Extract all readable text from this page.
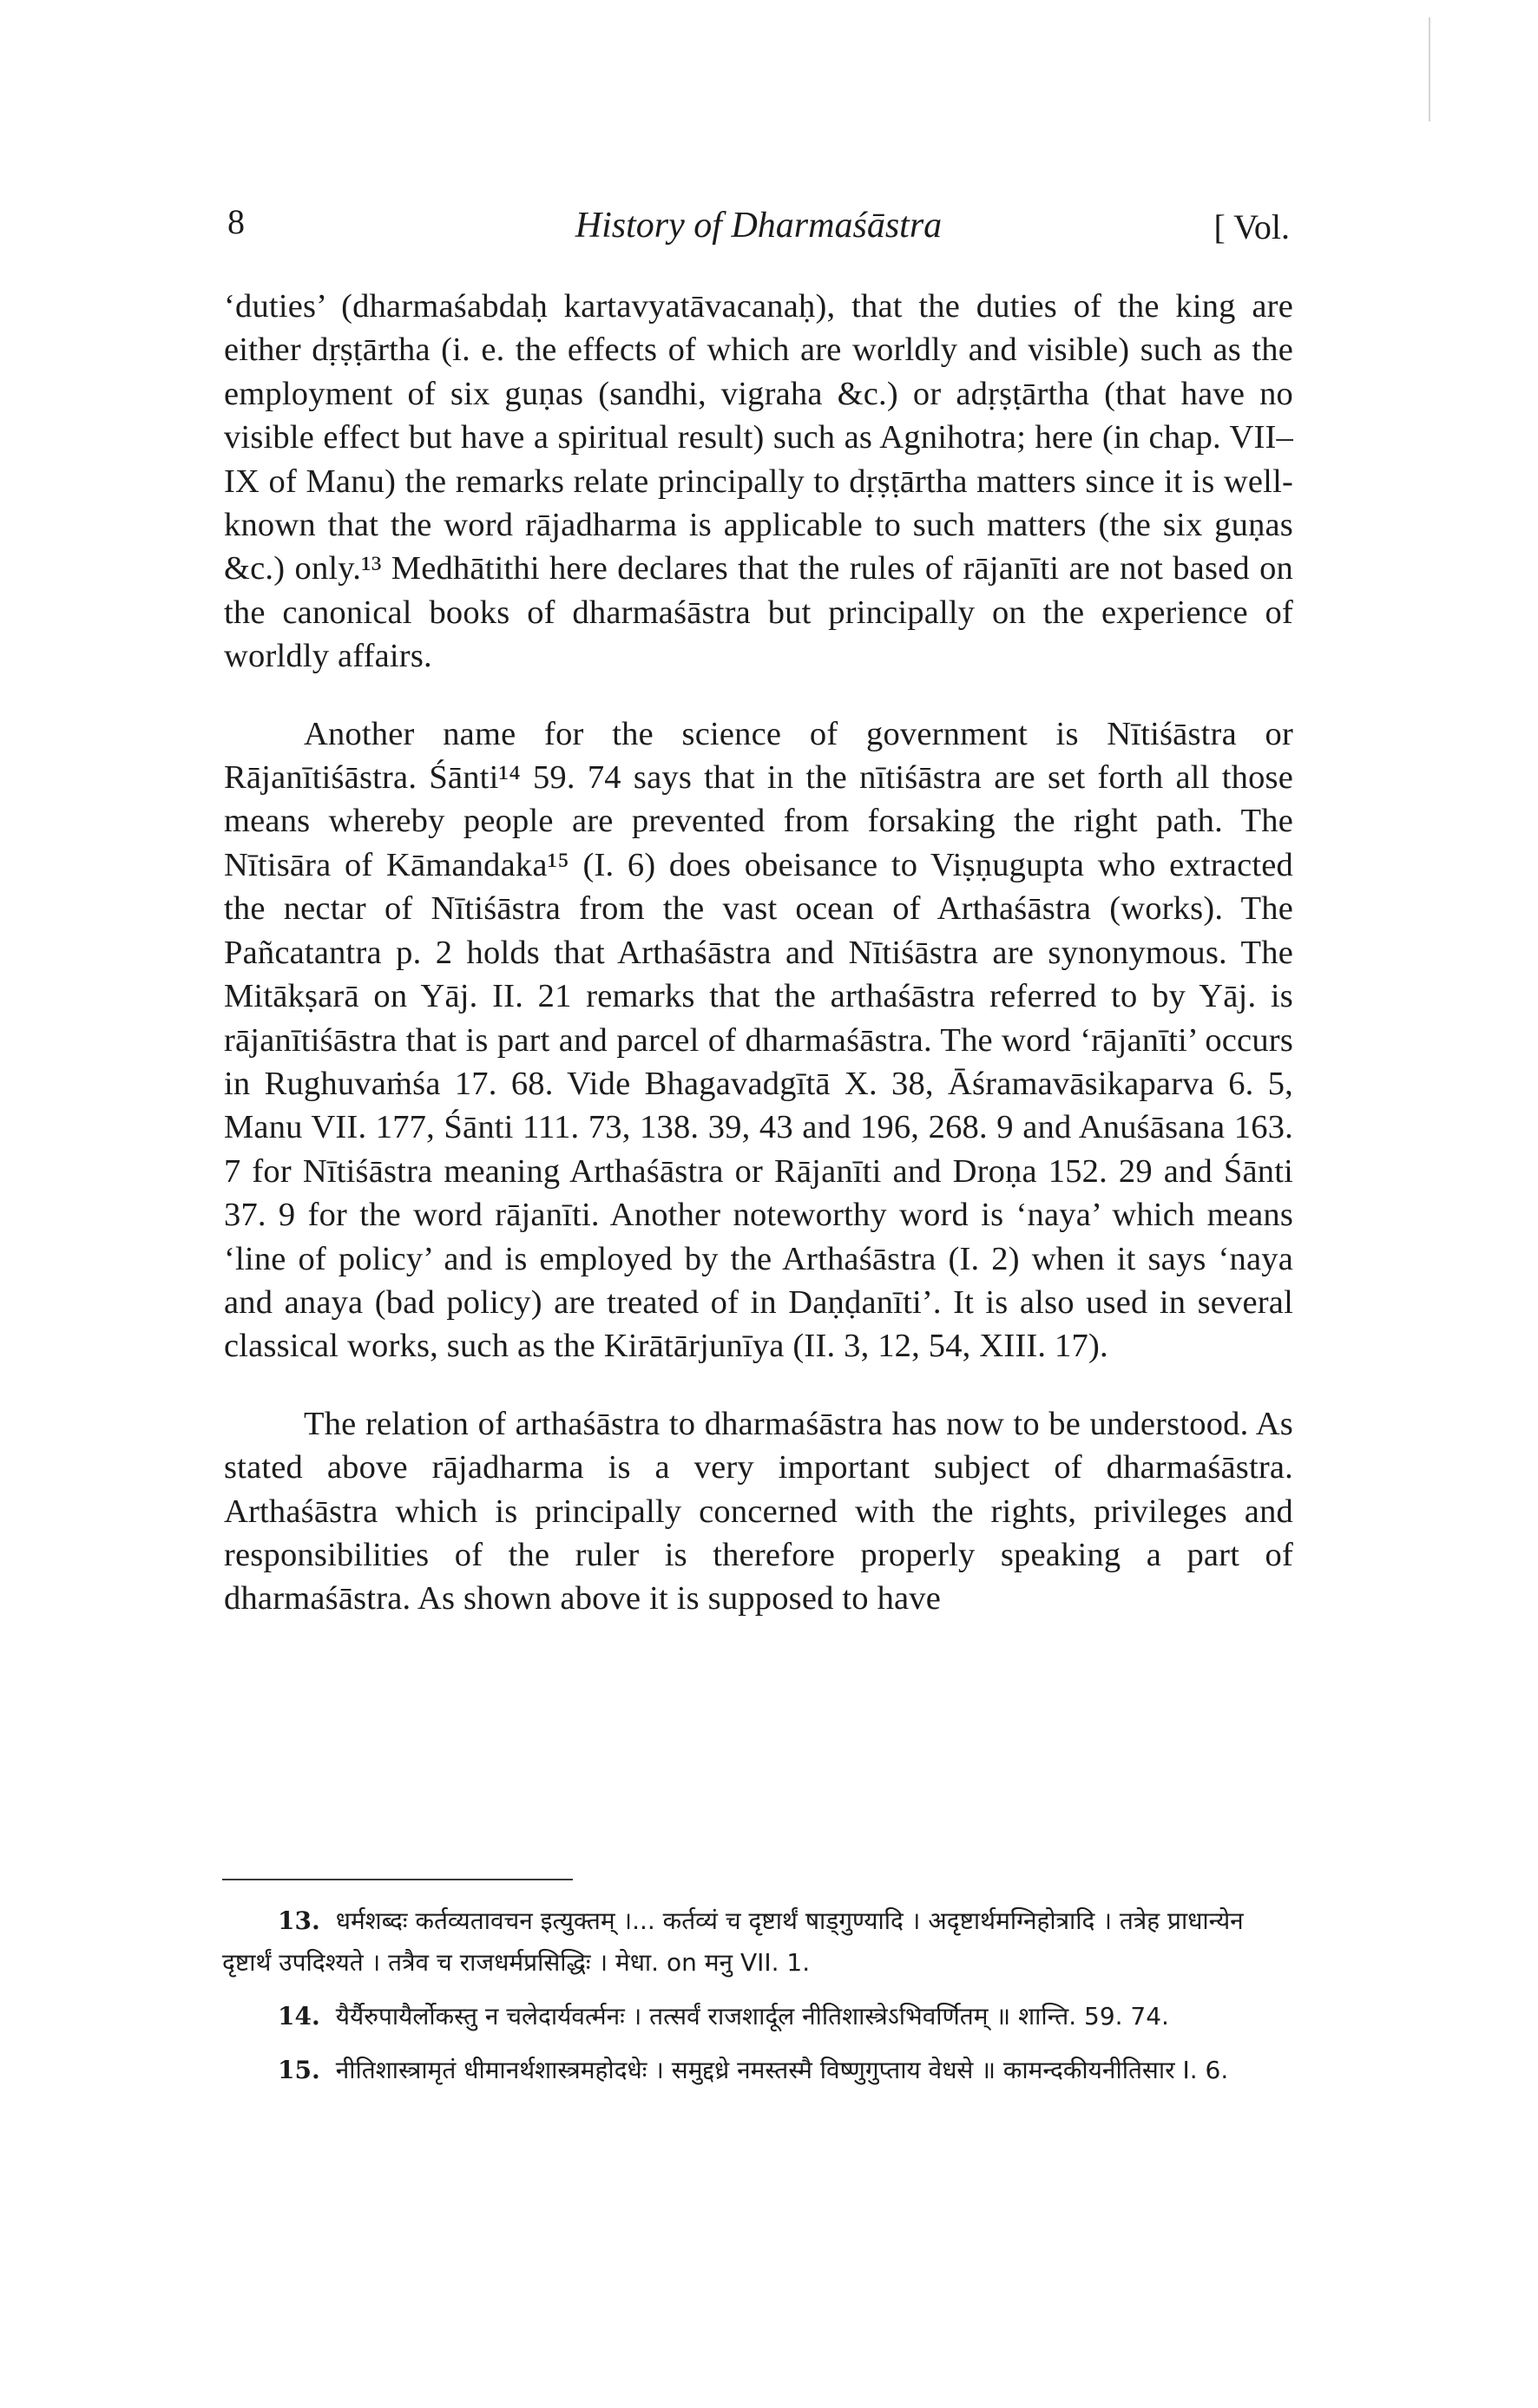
8	History of Dharmaśāstra	[ Vol.

‘duties’ (dharmaśabdaḥ kartavyatāvacanaḥ), that the duties of the king are either dṛṣṭārtha (i. e. the effects of which are worldly and visible) such as the employment of six guṇas (sandhi, vigraha &c.) or adṛṣṭārtha (that have no visible effect but have a spiritual result) such as Agnihotra; here (in chap. VII–IX of Manu) the remarks relate principally to dṛṣṭārtha matters since it is well-known that the word rājadharma is applicable to such matters (the six guṇas &c.) only.¹³ Medhātithi here declares that the rules of rājanīti are not based on the canonical books of dharmaśāstra but principally on the experience of worldly affairs.

Another name for the science of government is Nītiśāstra or Rājanītiśāstra. Śānti¹⁴ 59. 74 says that in the nītiśāstra are set forth all those means whereby people are prevented from forsaking the right path. The Nītisāra of Kāmandaka¹⁵ (I. 6) does obeisance to Viṣṇugupta who extracted the nectar of Nītiśāstra from the vast ocean of Arthaśāstra (works). The Pañcatantra p. 2 holds that Arthaśāstra and Nītiśāstra are synonymous. The Mitākṣarā on Yāj. II. 21 remarks that the arthaśāstra referred to by Yāj. is rājanītiśāstra that is part and parcel of dharmaśāstra. The word ‘rājanīti’ occurs in Rughuvaṁśa 17. 68. Vide Bhagavadgītā X. 38, Āśramavāsikaparva 6. 5, Manu VII. 177, Śānti 111. 73, 138. 39, 43 and 196, 268. 9 and Anuśāsana 163. 7 for Nītiśāstra meaning Arthaśāstra or Rājanīti and Droṇa 152. 29 and Śānti 37. 9 for the word rājanīti. Another noteworthy word is ‘naya’ which means ‘line of policy’ and is employed by the Arthaśāstra (I. 2) when it says ‘naya and anaya (bad policy) are treated of in Daṇḍanīti’. It is also used in several classical works, such as the Kirātārjunīya (II. 3, 12, 54, XIII. 17).

The relation of arthaśāstra to dharmaśāstra has now to be understood. As stated above rājadharma is a very important subject of dharmaśāstra. Arthaśāstra which is principally concerned with the rights, privileges and responsibilities of the ruler is therefore properly speaking a part of dharmaśāstra. As shown above it is supposed to have

13. धर्मशब्दः कर्तव्यतावचन इत्युक्तम् ।... कर्तव्यं च दृष्टार्थं षाड्गुण्यादि । अदृष्टार्थमग्निहोत्रादि । तत्रेह प्राधान्येन दृष्टार्थं उपदिश्यते । तत्रैव च राजधर्मप्रसिद्धिः । मेधा. on मनु VII. 1.

14. यैर्यैरुपायैर्लोकस्तु न चलेदार्यवर्त्मनः । तत्सर्वं राजशार्दूल नीतिशास्त्रेऽभिवर्णितम् ॥ शान्ति. 59. 74.

15. नीतिशास्त्रामृतं धीमानर्थशास्त्रमहोदधेः । समुद्दध्रे नमस्तस्मै विष्णुगुप्ताय वेधसे ॥ कामन्दकीयनीतिसार I. 6.
